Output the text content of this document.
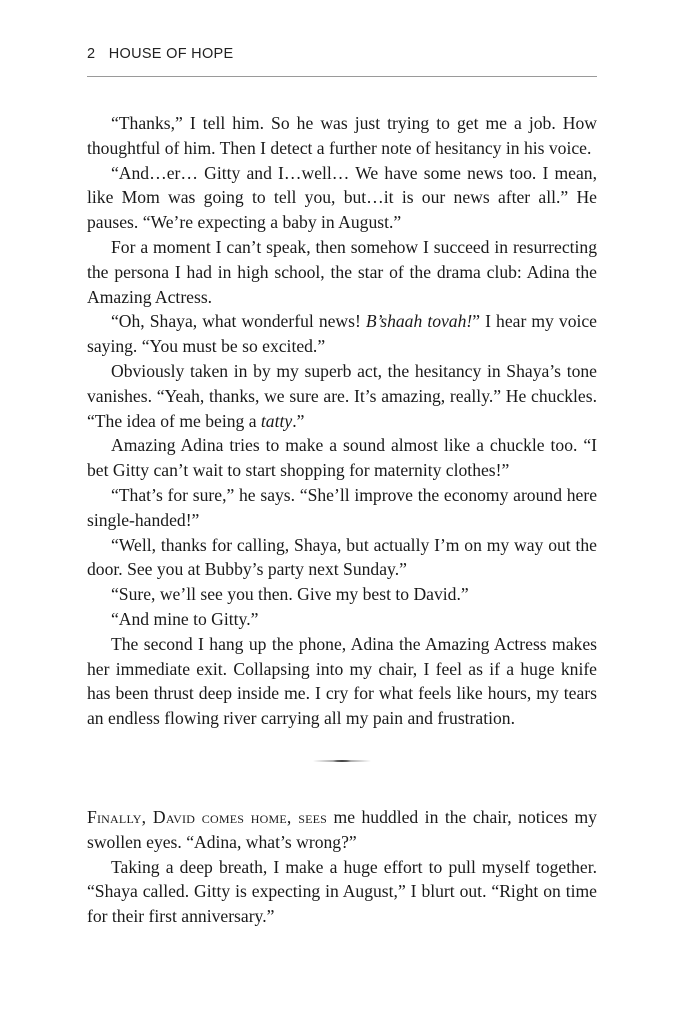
2 HOUSE OF HOPE

“Thanks,” I tell him. So he was just trying to get me a job. How thoughtful of him. Then I detect a further note of hesitancy in his voice.

“And…er… Gitty and I…well… We have some news too. I mean, like Mom was going to tell you, but…it is our news after all.” He pauses. “We’re expecting a baby in August.”

For a moment I can’t speak, then somehow I succeed in resurrecting the persona I had in high school, the star of the drama club: Adina the Amazing Actress.

“Oh, Shaya, what wonderful news! B’shaah tovah!” I hear my voice saying. “You must be so excited.”

Obviously taken in by my superb act, the hesitancy in Shaya’s tone vanishes. “Yeah, thanks, we sure are. It’s amazing, really.” He chuckles. “The idea of me being a tatty.”

Amazing Adina tries to make a sound almost like a chuckle too. “I bet Gitty can’t wait to start shopping for maternity clothes!”

“That’s for sure,” he says. “She’ll improve the economy around here single-handed!”

“Well, thanks for calling, Shaya, but actually I’m on my way out the door. See you at Bubby’s party next Sunday.”

“Sure, we’ll see you then. Give my best to David.”

“And mine to Gitty.”

The second I hang up the phone, Adina the Amazing Actress makes her immediate exit. Collapsing into my chair, I feel as if a huge knife has been thrust deep inside me. I cry for what feels like hours, my tears an endless flowing river carrying all my pain and frustration.

Finally, David comes home, sees me huddled in the chair, notices my swollen eyes. “Adina, what’s wrong?”

Taking a deep breath, I make a huge effort to pull myself together. “Shaya called. Gitty is expecting in August,” I blurt out. “Right on time for their first anniversary.”
